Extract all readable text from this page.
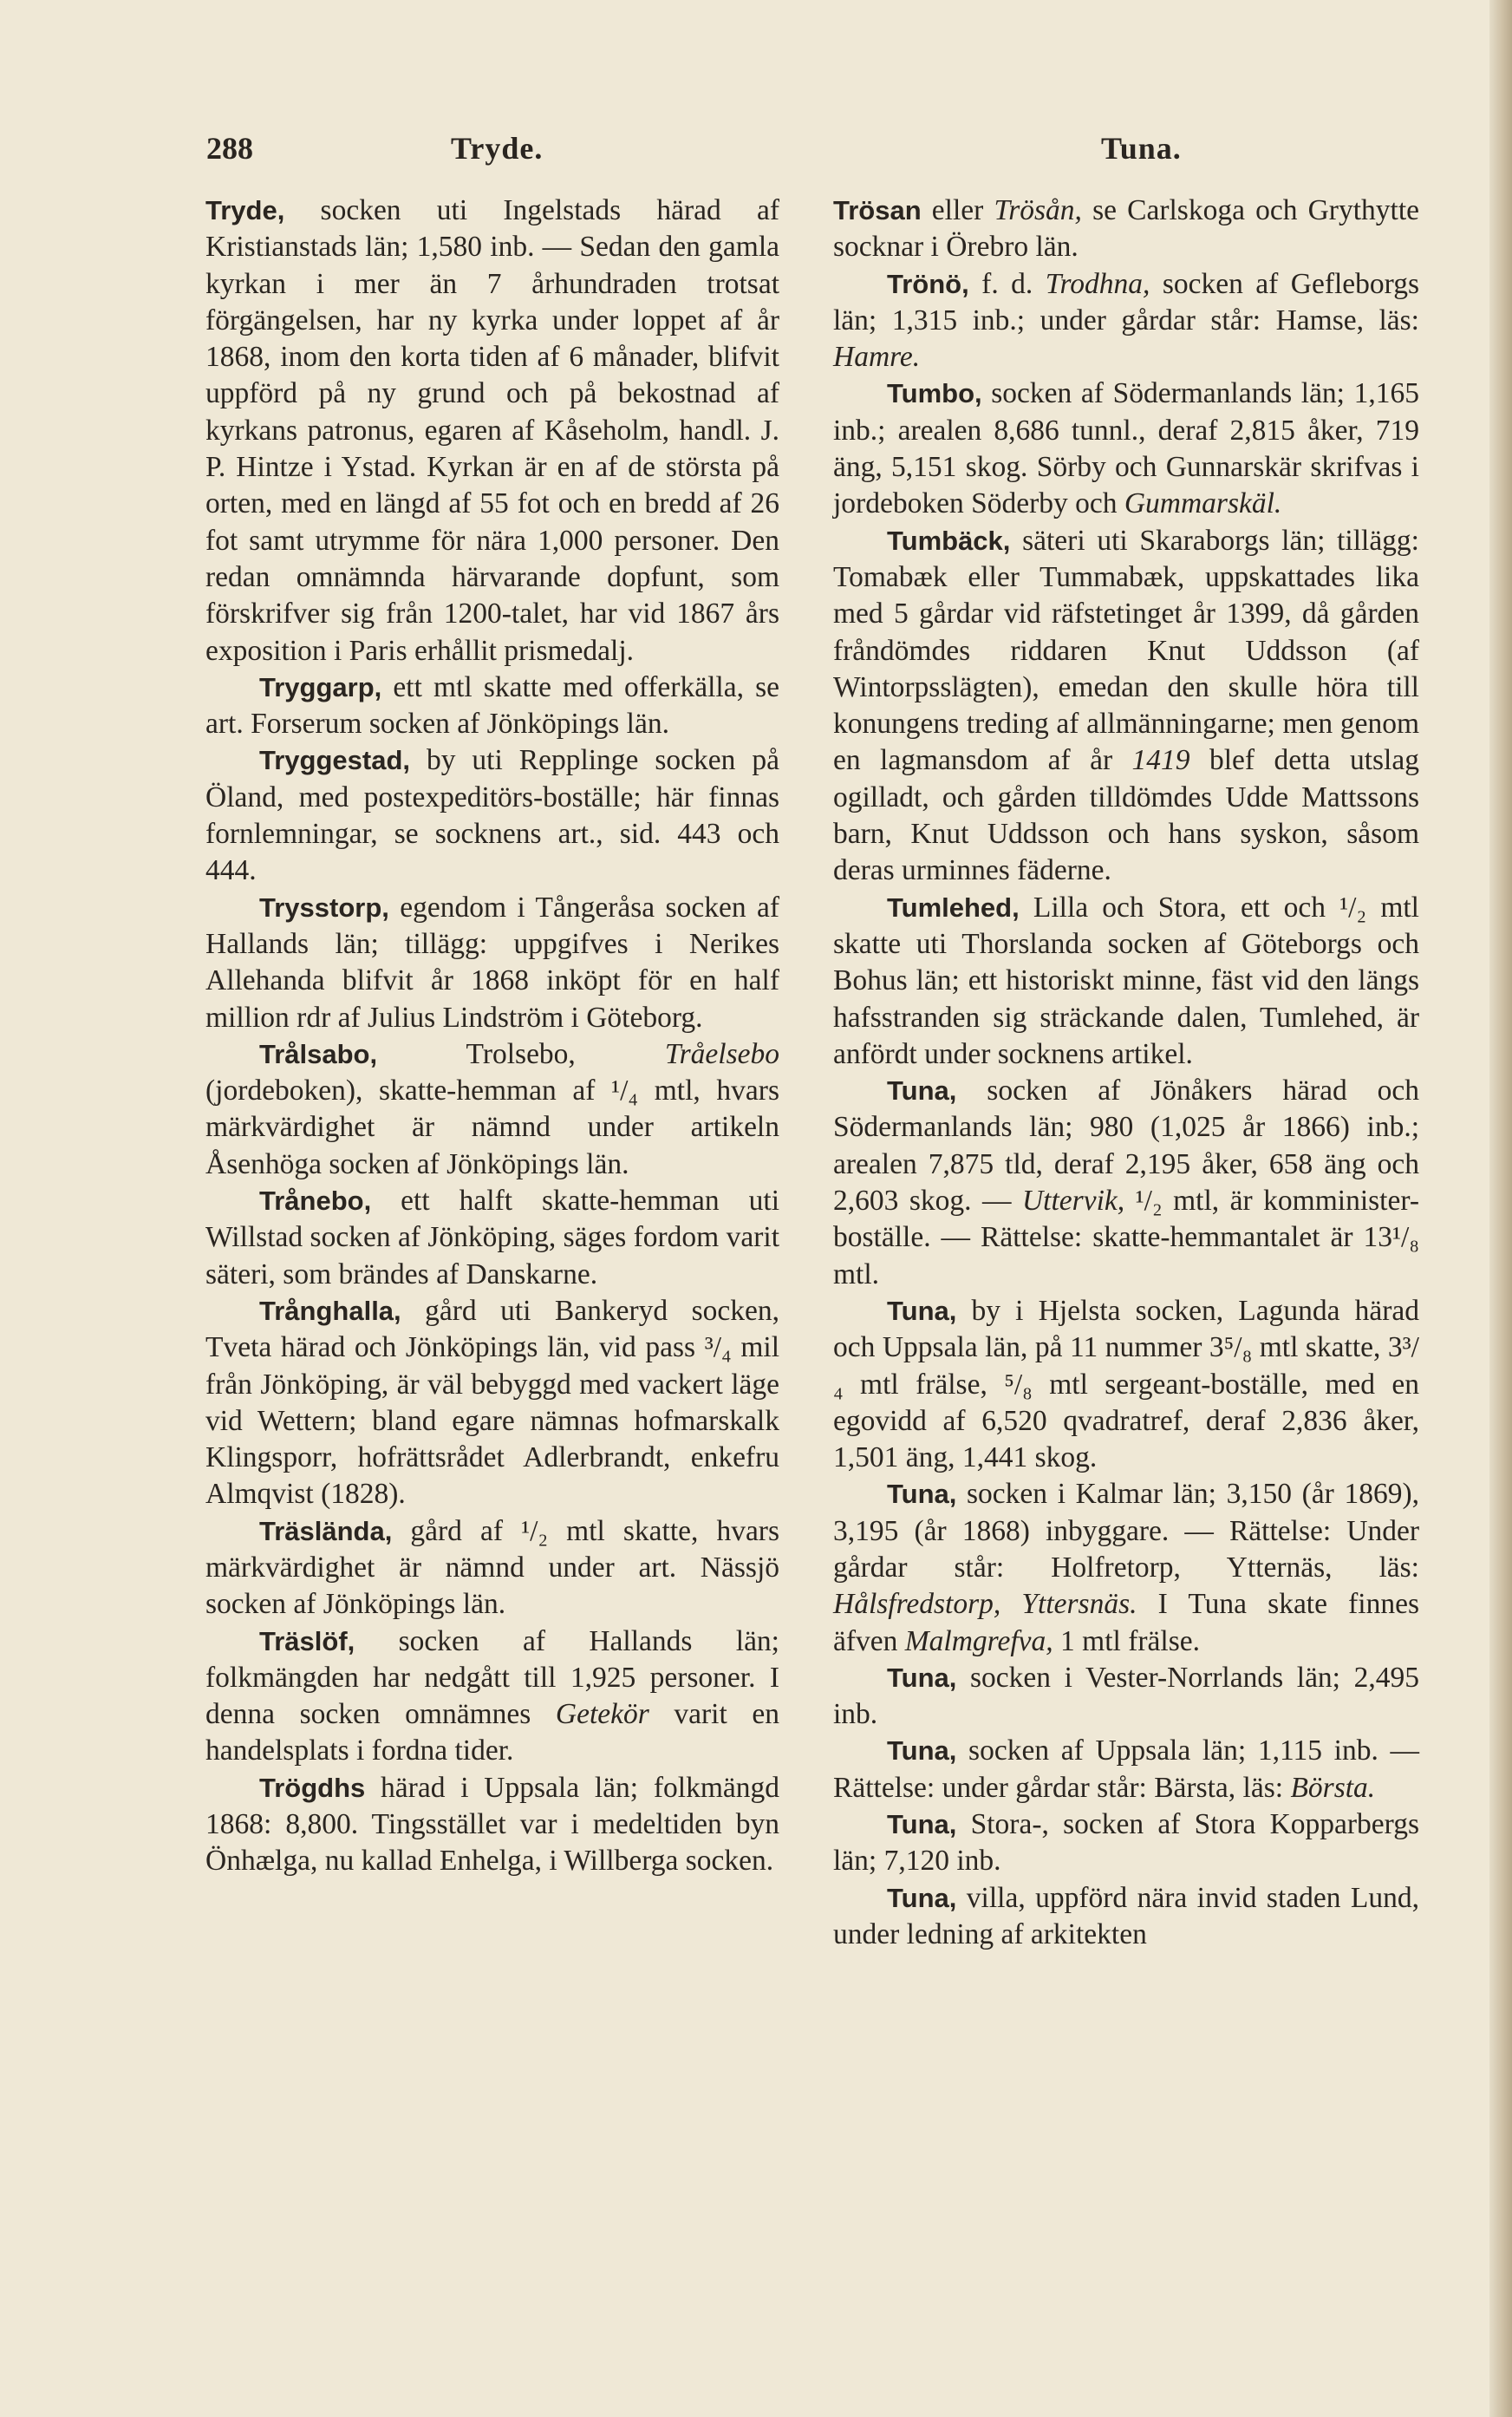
288	Tryde.	Tuna.

Tryde, socken uti Ingelstads härad af Kristianstads län; 1,580 inb. — Sedan den gamla kyrkan i mer än 7 århundraden trotsat förgängelsen, har ny kyrka under loppet af år 1868, inom den korta tiden af 6 månader, blifvit uppförd på ny grund och på bekostnad af kyrkans patronus, egaren af Kåseholm, handl. J. P. Hintze i Ystad. Kyrkan är en af de största på orten, med en längd af 55 fot och en bredd af 26 fot samt utrymme för nära 1,000 personer. Den redan omnämnda härvarande dopfunt, som förskrifver sig från 1200-talet, har vid 1867 års exposition i Paris erhållit prismedalj.

Tryggarp, ett mtl skatte med offerkälla, se art. Forserum socken af Jönköpings län.

Tryggestad, by uti Repplinge socken på Öland, med postexpeditörs-boställe; här finnas fornlemningar, se socknens art., sid. 443 och 444.

Trysstorp, egendom i Tångeråsa socken af Hallands län; tillägg: uppgifves i Nerikes Allehanda blifvit år 1868 inköpt för en half million rdr af Julius Lindström i Göteborg.

Trålsabo, Trolsebo, Tråelsebo (jordeboken), skatte-hemman af ¹/₄ mtl, hvars märkvärdighet är nämnd under artikeln Åsenhöga socken af Jönköpings län.

Trånebo, ett halft skatte-hemman uti Willstad socken af Jönköping, säges fordom varit säteri, som brändes af Danskarne.

Trånghalla, gård uti Bankeryd socken, Tveta härad och Jönköpings län, vid pass ³/₄ mil från Jönköping, är väl bebyggd med vackert läge vid Wettern; bland egare nämnas hofmarskalk Klingsporr, hofrättsrådet Adlerbrandt, enkefru Almqvist (1828).

Träslända, gård af ¹/₂ mtl skatte, hvars märkvärdighet är nämnd under art. Nässjö socken af Jönköpings län.

Träslöf, socken af Hallands län; folkmängden har nedgått till 1,925 personer. I denna socken omnämnes Getekör varit en handelsplats i fordna tider.

Trögdhs härad i Uppsala län; folkmängd 1868: 8,800. Tingsstället var i medeltiden byn Önhælga, nu kallad Enhelga, i Willberga socken.

Trösan eller Trösån, se Carlskoga och Grythytte socknar i Örebro län.

Trönö, f. d. Trodhna, socken af Gefleborgs län; 1,315 inb.; under gårdar står: Hamse, läs: Hamre.

Tumbo, socken af Södermanlands län; 1,165 inb.; arealen 8,686 tunnl., deraf 2,815 åker, 719 äng, 5,151 skog. Sörby och Gunnarskär skrifvas i jordeboken Söderby och Gummarskäl.

Tumbäck, säteri uti Skaraborgs län; tillägg: Tomabæk eller Tummabæk, uppskattades lika med 5 gårdar vid räfstetinget år 1399, då gården fråndömdes riddaren Knut Uddsson (af Wintorpsslägten), emedan den skulle höra till konungens treding af allmänningarne; men genom en lagmansdom af år 1419 blef detta utslag ogilladt, och gården tilldömdes Udde Mattssons barn, Knut Uddsson och hans syskon, såsom deras urminnes fäderne.

Tumlehed, Lilla och Stora, ett och ¹/₂ mtl skatte uti Thorslanda socken af Göteborgs och Bohus län; ett historiskt minne, fäst vid den längs hafsstranden sig sträckande dalen, Tumlehed, är anfördt under socknens artikel.

Tuna, socken af Jönåkers härad och Södermanlands län; 980 (1,025 år 1866) inb.; arealen 7,875 tld, deraf 2,195 åker, 658 äng och 2,603 skog. — Uttervik, ¹/₂ mtl, är komminister-boställe. — Rättelse: skatte-hemmantalet är 13¹/₈ mtl.

Tuna, by i Hjelsta socken, Lagunda härad och Uppsala län, på 11 nummer 3⁵/₈ mtl skatte, 3³/₄ mtl frälse, ⁵/₈ mtl sergeant-boställe, med en egovidd af 6,520 qvadratref, deraf 2,836 åker, 1,501 äng, 1,441 skog.

Tuna, socken i Kalmar län; 3,150 (år 1869), 3,195 (år 1868) inbyggare. — Rättelse: Under gårdar står: Holfretorp, Ytternäs, läs: Hålsfredstorp, Yttersnäs. I Tuna skate finnes äfven Malmgrefva, 1 mtl frälse.

Tuna, socken i Vester-Norrlands län; 2,495 inb.

Tuna, socken af Uppsala län; 1,115 inb. — Rättelse: under gårdar står: Bärsta, läs: Börsta.

Tuna, Stora-, socken af Stora Kopparbergs län; 7,120 inb.

Tuna, villa, uppförd nära invid staden Lund, under ledning af arkitekten
